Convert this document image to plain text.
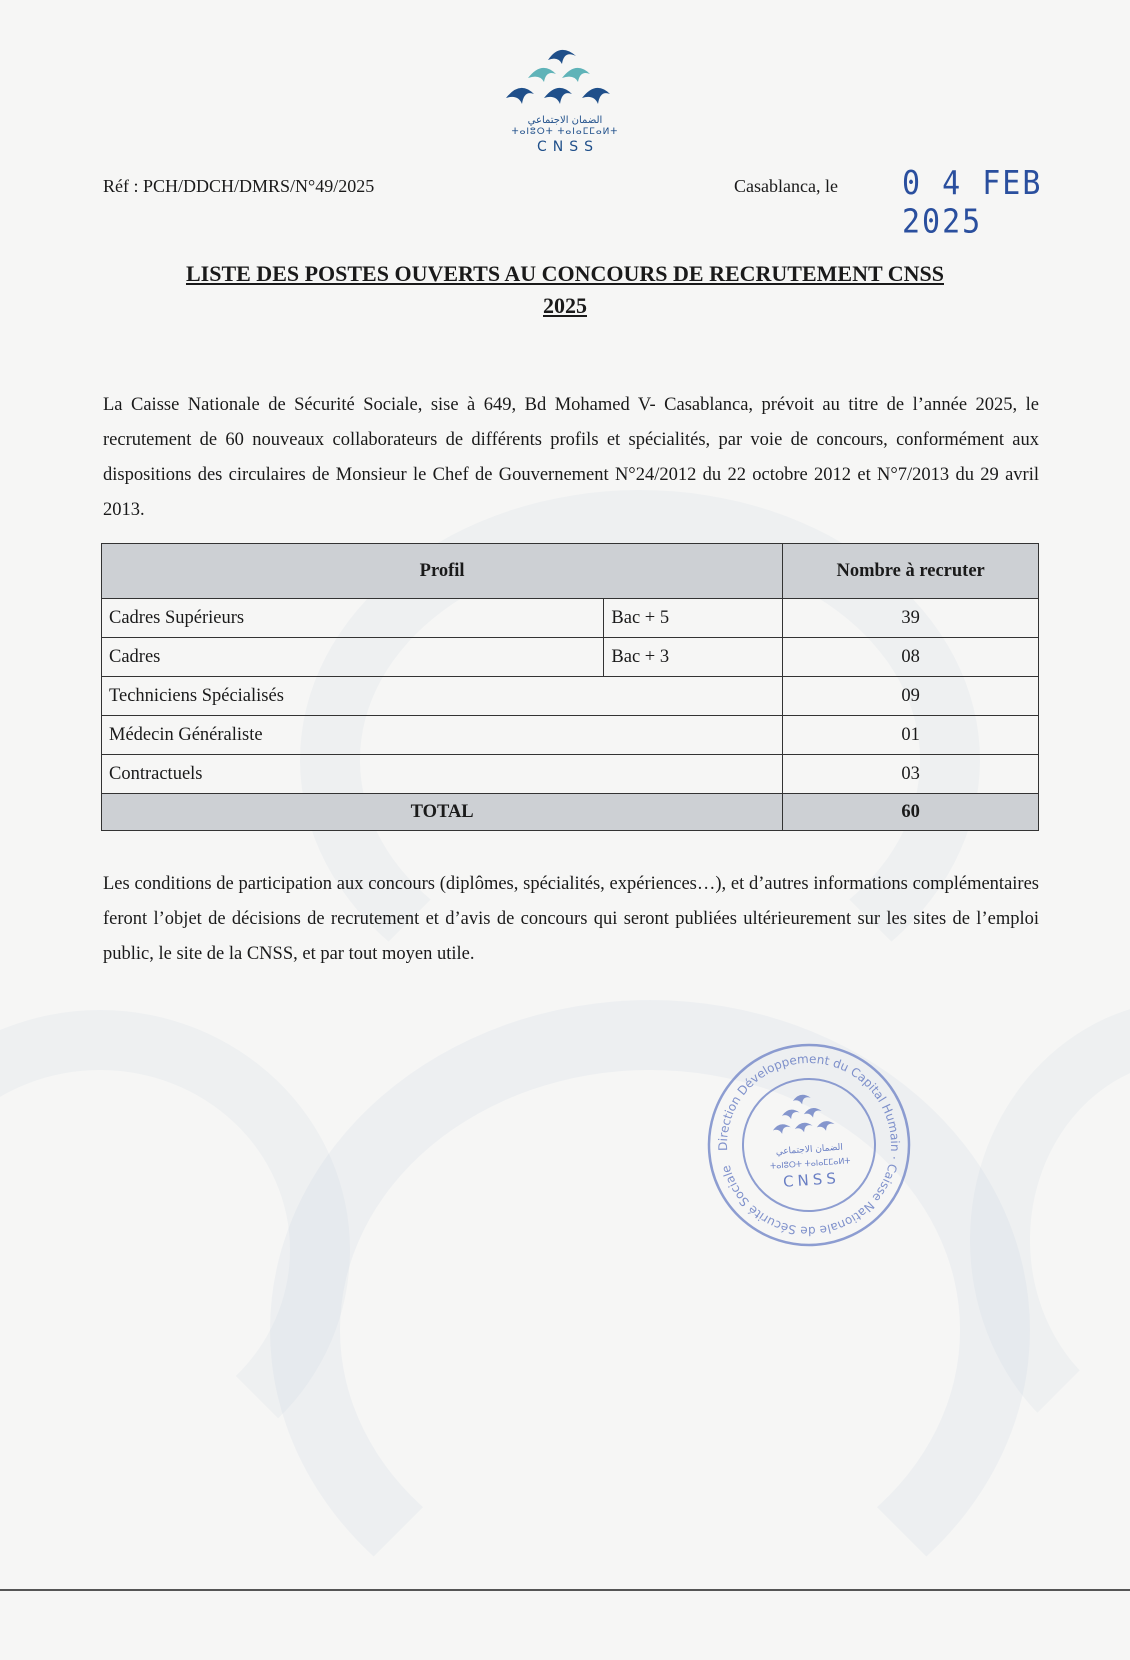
الضمان الاجتماعي
ⵜⴰⵏⵓⵔⵜ ⵜⴰⵏⴰⵎⵎⴰⵍⵜ
CNSS
Réf : PCH/DDCH/DMRS/N°49/2025	Casablanca, le 0 4 FEB 2025
LISTE DES POSTES OUVERTS AU CONCOURS DE RECRUTEMENT CNSS
2025

La Caisse Nationale de Sécurité Sociale, sise à 649, Bd Mohamed V- Casablanca, prévoit au titre de l’année 2025, le recrutement de 60 nouveaux collaborateurs de différents profils et spécialités, par voie de concours, conformément aux dispositions des circulaires de Monsieur le Chef de Gouvernement N°24/2012 du 22 octobre 2012 et N°7/2013 du 29 avril 2013.

Profil		Nombre à recruter
Cadres Supérieurs	Bac + 5	39
Cadres	Bac + 3	08
Techniciens Spécialisés		09
Médecin Généraliste		01
Contractuels		03
TOTAL		60

Les conditions de participation aux concours (diplômes, spécialités, expériences…), et d’autres informations complémentaires feront l’objet de décisions de recrutement et d’avis de concours qui seront publiées ultérieurement sur les sites de l’emploi public, le site de la CNSS, et par tout moyen utile.

Direction Développement du Capital Humain · Caisse Nationale de Sécurité Sociale
الضمان الاجتماعي
ⵜⴰⵏⵓⵔⵜ ⵜⴰⵏⴰⵎⵎⴰⵍⵜ
CNSS
